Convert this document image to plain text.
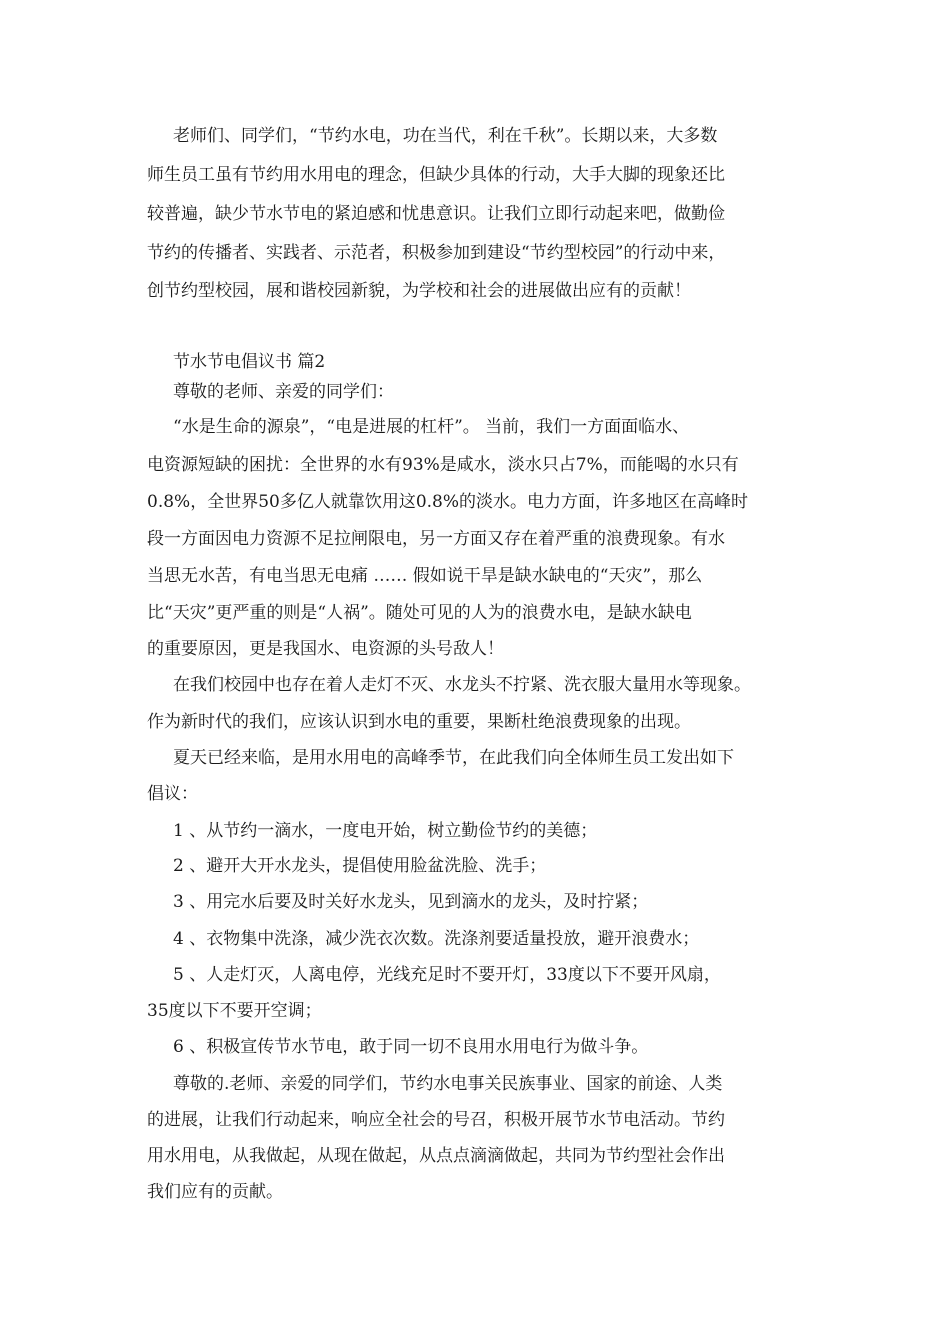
老师们、同学们，“节约水电，功在当代，利在千秋”。长期以来，大多数
师生员工虽有节约用水用电的理念，但缺少具体的行动，大手大脚的现象还比
较普遍，缺少节水节电的紧迫感和忧患意识。让我们立即行动起来吧，做勤俭
节约的传播者、实践者、示范者，积极参加到建设“节约型校园”的行动中来，
创节约型校园，展和谐校园新貌，为学校和社会的进展做出应有的贡献！
节水节电倡议书 篇2
尊敬的老师、亲爱的同学们：
“水是生命的源泉”，“电是进展的杠杆”。 当前，我们一方面面临水、
电资源短缺的困扰：全世界的水有93%是咸水，淡水只占7%，而能喝的水只有
0.8%，全世界50多亿人就靠饮用这0.8%的淡水。电力方面，许多地区在高峰时
段一方面因电力资源不足拉闸限电，另一方面又存在着严重的浪费现象。有水
当思无水苦，有电当思无电痛 …… 假如说干旱是缺水缺电的“天灾”，那么
比“天灾”更严重的则是“人祸”。随处可见的人为的浪费水电，是缺水缺电
的重要原因，更是我国水、电资源的头号敌人！
在我们校园中也存在着人走灯不灭、水龙头不拧紧、洗衣服大量用水等现象。
作为新时代的我们，应该认识到水电的重要，果断杜绝浪费现象的出现。
夏天已经来临，是用水用电的高峰季节，在此我们向全体师生员工发出如下
倡议：
1 、从节约一滴水，一度电开始，树立勤俭节约的美德；
2 、避开大开水龙头，提倡使用脸盆洗脸、洗手；
3 、用完水后要及时关好水龙头，见到滴水的龙头，及时拧紧；
4 、衣物集中洗涤，减少洗衣次数。洗涤剂要适量投放，避开浪费水；
5 、人走灯灭，人离电停，光线充足时不要开灯，33度以下不要开风扇，
35度以下不要开空调；
6 、积极宣传节水节电，敢于同一切不良用水用电行为做斗争。
尊敬的.老师、亲爱的同学们，节约水电事关民族事业、国家的前途、人类
的进展，让我们行动起来，响应全社会的号召，积极开展节水节电活动。节约
用水用电，从我做起，从现在做起，从点点滴滴做起，共同为节约型社会作出
我们应有的贡献。
